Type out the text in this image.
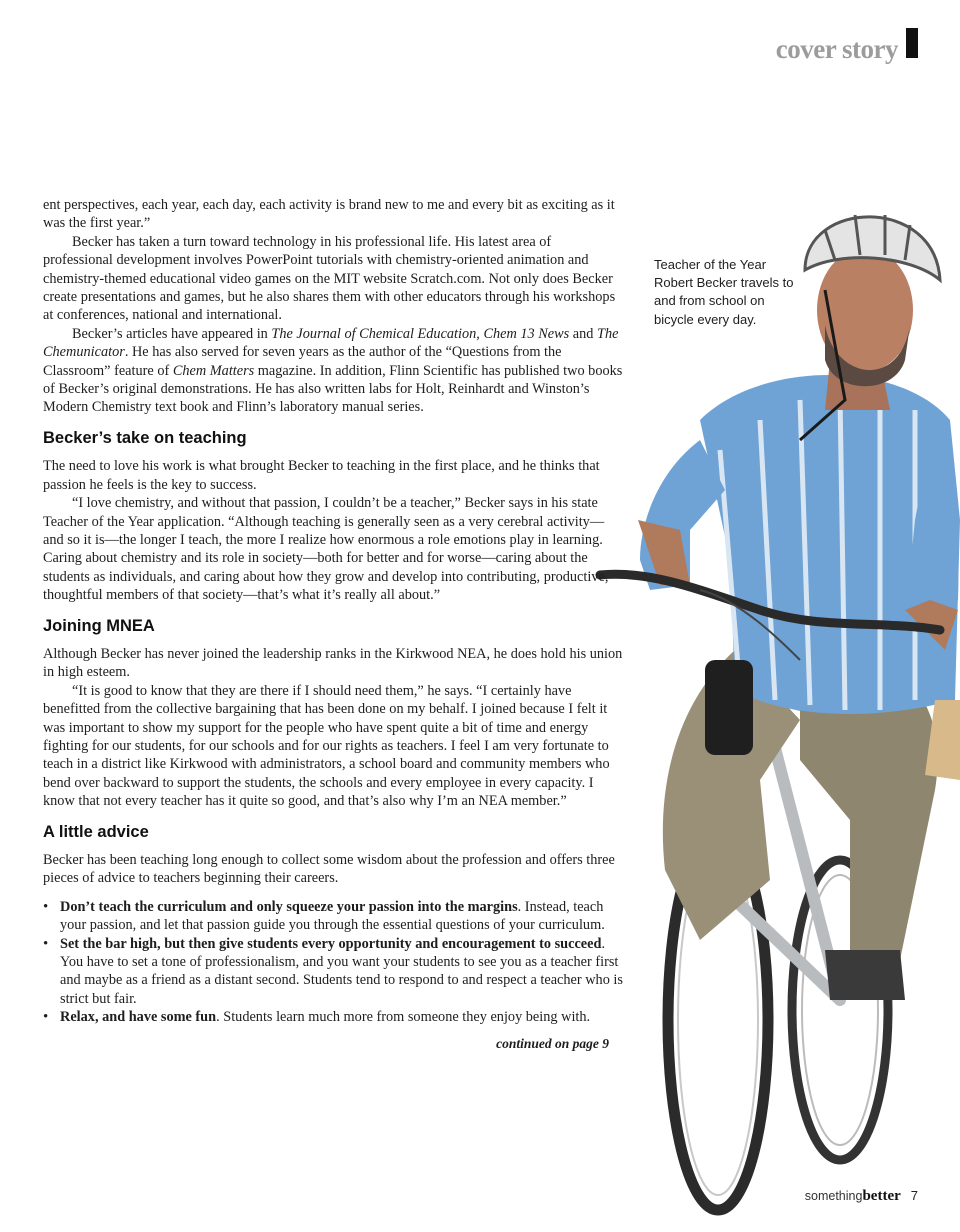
cover story
Teacher of the Year Robert Becker travels to and from school on bicycle every day.

ent perspectives, each year, each day, each activity is brand new to me and every bit as exciting as it was the first year.”

Becker has taken a turn toward technology in his professional life. His latest area of professional development involves PowerPoint tutorials with chemistry-oriented animation and chemistry-themed educational video games on the MIT website Scratch.com. Not only does Becker create presentations and games, but he also shares them with other educators through his workshops at conferences, national and international.

Becker’s articles have appeared in The Journal of Chemical Education, Chem 13 News and The Chemunicator. He has also served for seven years as the author of the “Questions from the Classroom” feature of Chem Matters magazine. In addition, Flinn Scientific has published two books of Becker’s original demonstrations. He has also written labs for Holt, Reinhardt and Winston’s Modern Chemistry text book and Flinn’s laboratory manual series.

Becker’s take on teaching

The need to love his work is what brought Becker to teaching in the first place, and he thinks that passion he feels is the key to success.

“I love chemistry, and without that passion, I couldn’t be a teacher,” Becker says in his state Teacher of the Year application. “Although teaching is generally seen as a very cerebral activity—and so it is—the longer I teach, the more I realize how enormous a role emotions play in learning. Caring about chemistry and its role in society—both for better and for worse—caring about the students as individuals, and caring about how they grow and develop into contributing, productive, thoughtful members of that society—that’s what it’s really all about.”

Joining MNEA

Although Becker has never joined the leadership ranks in the Kirkwood NEA, he does hold his union in high esteem.

“It is good to know that they are there if I should need them,” he says. “I certainly have benefitted from the collective bargaining that has been done on my behalf. I joined because I felt it was important to show my support for the people who have spent quite a bit of time and energy fighting for our students, for our schools and for our rights as teachers. I feel I am very fortunate to teach in a district like Kirkwood with administrators, a school board and community members who bend over backward to support the students, the schools and every employee in every capacity. I know that not every teacher has it quite so good, and that’s also why I’m an NEA member.”

A little advice

Becker has been teaching long enough to collect some wisdom about the profession and offers three pieces of advice to teachers beginning their careers.

• Don’t teach the curriculum and only squeeze your passion into the margins. Instead, teach your passion, and let that passion guide you through the essential questions of your curriculum.
• Set the bar high, but then give students every opportunity and encouragement to succeed. You have to set a tone of professionalism, and you want your students to see you as a teacher first and maybe as a friend as a distant second. Students tend to respond to and respect a teacher who is strict but fair.
• Relax, and have some fun. Students learn much more from someone they enjoy being with.
continued on page 9
something better 7
